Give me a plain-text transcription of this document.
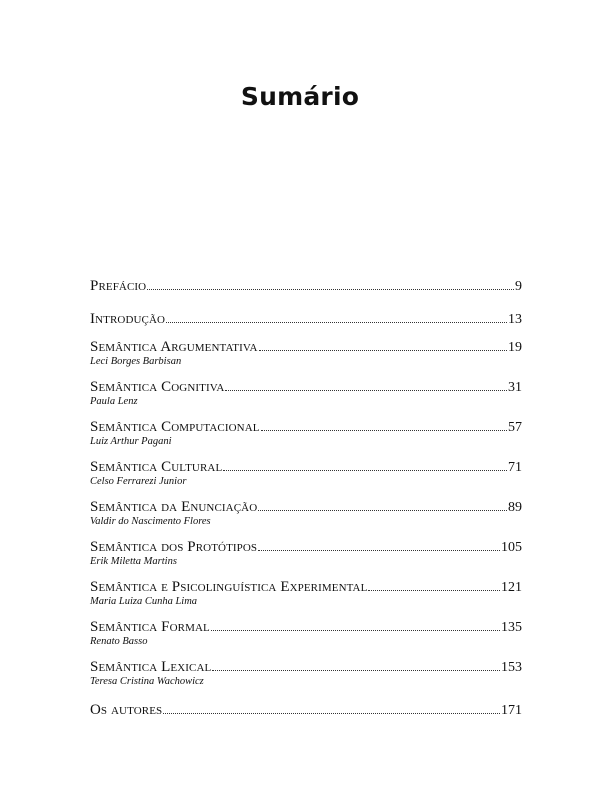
Sumário
Prefácio	9
Introdução	13
Semântica Argumentativa	19
Leci Borges Barbisan
Semântica Cognitiva	31
Paula Lenz
Semântica Computacional	57
Luiz Arthur Pagani
Semântica Cultural	71
Celso Ferrarezi Junior
Semântica da Enunciação	89
Valdir do Nascimento Flores
Semântica dos Protótipos	105
Erik Miletta Martins
Semântica e Psicolinguística Experimental	121
Maria Luiza Cunha Lima
Semântica Formal	135
Renato Basso
Semântica Lexical	153
Teresa Cristina Wachowicz
Os autores	171
